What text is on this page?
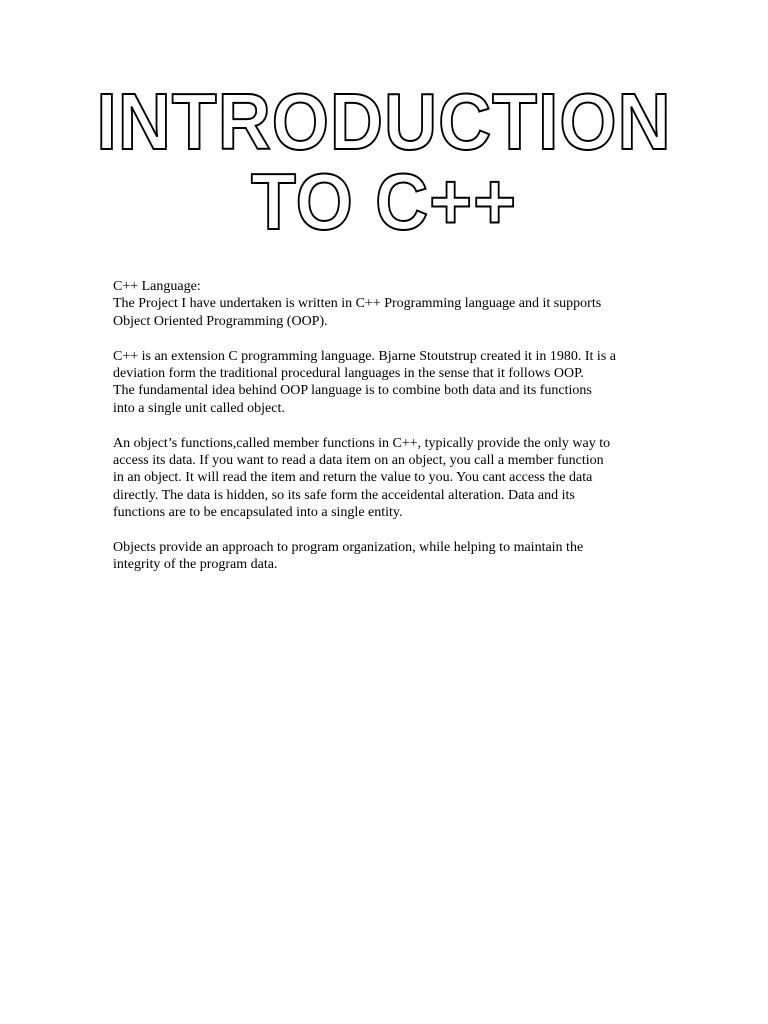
INTRODUCTION
TO C++
C++ Language:
The Project I have undertaken is written in C++ Programming language and it supports
Object Oriented Programming (OOP).
C++ is an extension C programming language. Bjarne Stoutstrup created it in 1980. It is a
deviation form the traditional procedural languages in the sense that it follows OOP.
The fundamental idea behind OOP language is to combine both data and its functions
into a single unit called object.
An object’s functions,called member functions in C++, typically provide the only way to
access its data. If you want to read a data item on an object, you call a member function
in an object. It will read the item and return the value to you. You cant access the data
directly. The data is hidden, so its safe form the acceidental alteration. Data and its
functions are to be encapsulated into a single entity.
Objects provide an approach to program organization, while helping to maintain the
integrity of the program data.
